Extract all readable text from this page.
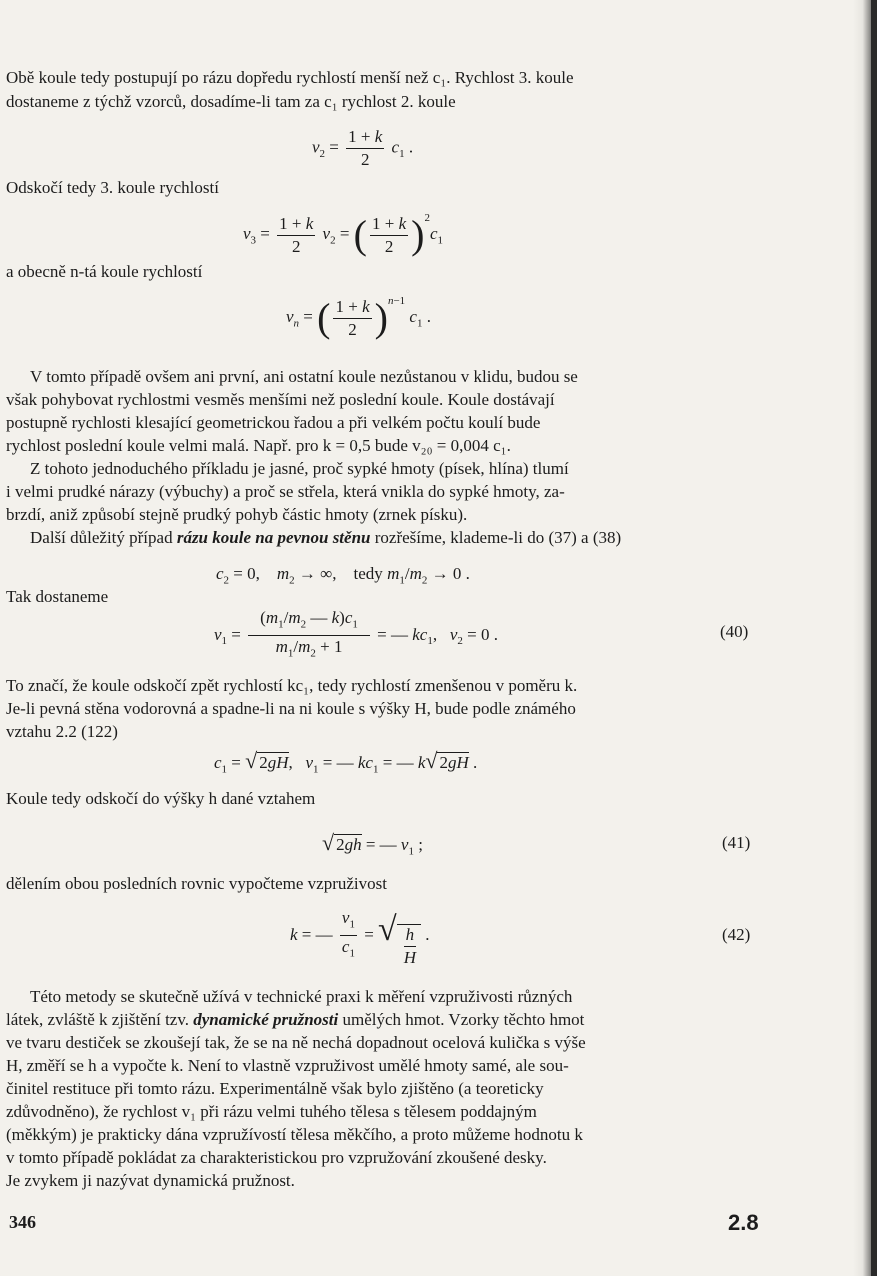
Obě koule tedy postupují po rázu dopředu rychlostí menší než c₁. Rychlost 3. koule
dostaneme z týchž vzorců, dosadíme-li tam za c₁ rychlost 2. koule
$v_2 = \frac{1 + k}{2} c_1$ .
Odskočí tedy 3. koule rychlostí
$v_3 = \frac{1 + k}{2} v_2$ = ( $\frac{1 + k}{2} )^2c_1$
a obecně n-tá koule rychlostí
$v_n$ = ( $\frac{1 + k}{2} )^{n-1}$ $c_1$ .
V tomto případě ovšem ani první, ani ostatní koule nezůstanou v klidu, budou se
však pohybovat rychlostmi vesměs menšími než poslední koule. Koule dostávají
postupně rychlosti klesající geometrickou řadou a při velkém počtu koulí bude
rychlost poslední koule velmi malá. Např. pro k = 0,5 bude v₂₀ = 0,004 c₁.
Z tohoto jednoduchého příkladu je jasné, proč sypké hmoty (písek, hlína) tlumí
i velmi prudké nárazy (výbuchy) a proč se střela, která vnikla do sypké hmoty, za-
brzdí, aniž způsobí stejně prudký pohyb částic hmoty (zrnek písku).
Další důležitý případ rázu koule na pevnou stěnu rozřešíme, klademe-li do (37) a (38)
$c_2 = 0$,    $m_2$ → ∞,    tedy $m_1/m_2 \to 0$ .
Tak dostaneme
$v_1 = \frac{(m_1/m_2 — k)c_1}{m_1/m_2 + 1}$ = — $kc_1$,   $v_2 = 0$ .	(40)
To značí, že koule odskočí zpět rychlostí kc₁, tedy rychlostí zmenšenou v poměru k.
Je-li pevná stěna vodorovná a spadne-li na ni koule s výšky H, bude podle známého
vztahu 2.2 (122)
$c_1$ = √ 2gH,   $v_1$ = — $kc_1$ = — k√ 2gH .
Koule tedy odskočí do výšky h dané vztahem
√ 2gh = — $v_1$ ;	(41)
dělením obou posledních rovnic vypočteme vzpruživost
k = — $\frac{v_1}{c_1}$ = √ $\frac{h}{H}$ .	(42)
Této metody se skutečně užívá v technické praxi k měření vzpruživosti různých
látek, zvláště k zjištění tzv. dynamické pružnosti umělých hmot. Vzorky těchto hmot
ve tvaru destiček se zkoušejí tak, že se na ně nechá dopadnout ocelová kulička s výše
H, změří se h a vypočte k. Není to vlastně vzpruživost umělé hmoty samé, ale sou-
činitel restituce při tomto rázu. Experimentálně však bylo zjištěno (a teoreticky
zdůvodněno), že rychlost v₁ při rázu velmi tuhého tělesa s tělesem poddajným
(měkkým) je prakticky dána vzpružívostí tělesa měkčího, a proto můžeme hodnotu k
v tomto případě pokládat za charakteristickou pro vzpružování zkoušené desky.
Je zvykem ji nazývat dynamická pružnost.
346	2.8
